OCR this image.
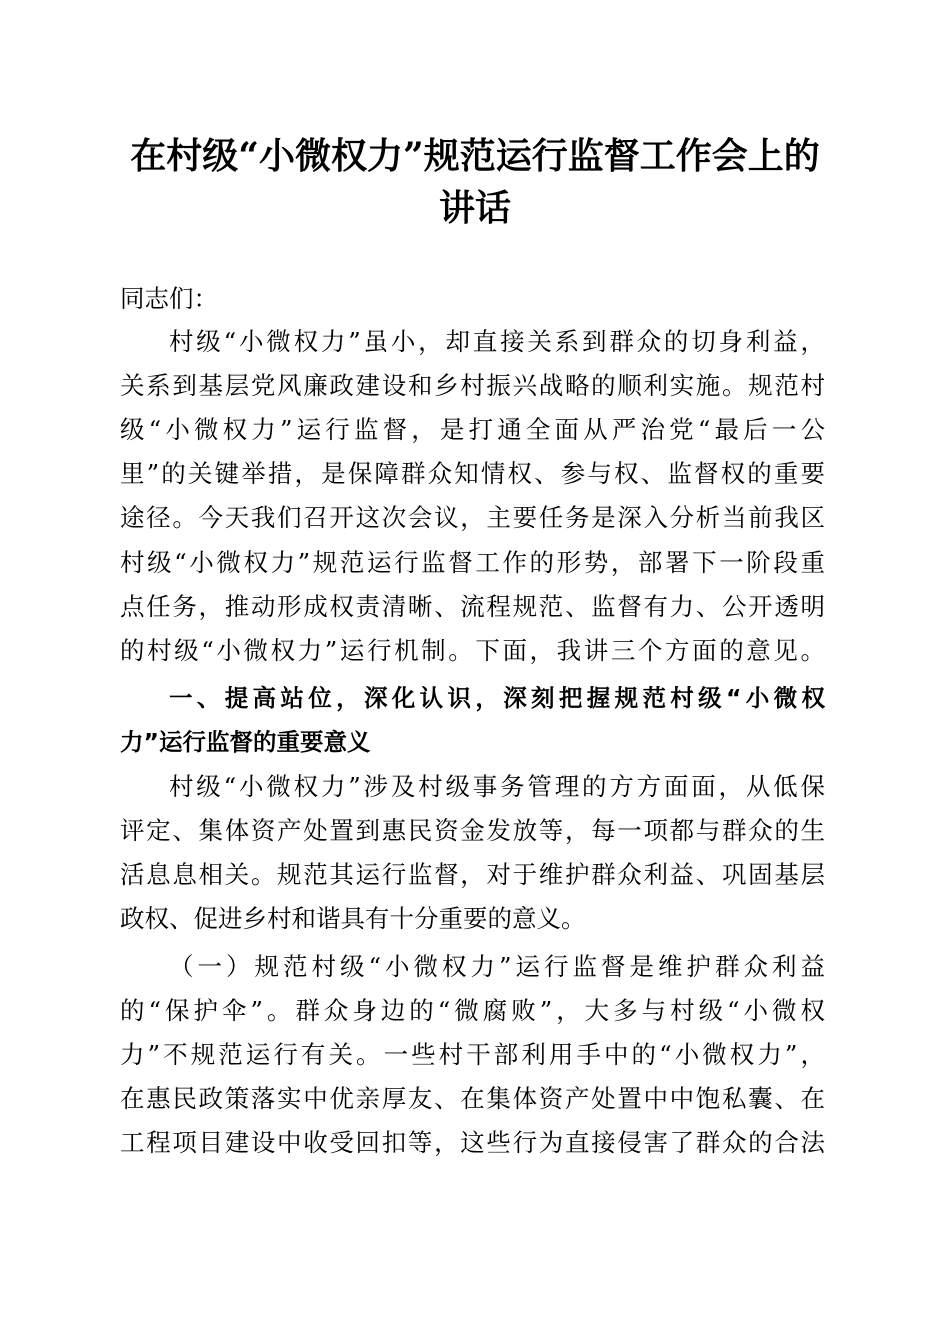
在村级“小微权力”规范运行监督工作会上的
讲话
同志们：
村级“小微权力”虽小，却直接关系到群众的切身利益，
关系到基层党风廉政建设和乡村振兴战略的顺利实施。规范村
级“小微权力”运行监督，是打通全面从严治党“最后一公
里”的关键举措，是保障群众知情权、参与权、监督权的重要
途径。今天我们召开这次会议，主要任务是深入分析当前我区
村级“小微权力”规范运行监督工作的形势，部署下一阶段重
点任务，推动形成权责清晰、流程规范、监督有力、公开透明
的村级“小微权力”运行机制。下面，我讲三个方面的意见。
一、提高站位，深化认识，深刻把握规范村级“小微权
力”运行监督的重要意义
村级“小微权力”涉及村级事务管理的方方面面，从低保
评定、集体资产处置到惠民资金发放等，每一项都与群众的生
活息息相关。规范其运行监督，对于维护群众利益、巩固基层
政权、促进乡村和谐具有十分重要的意义。
（一）规范村级“小微权力”运行监督是维护群众利益
的“保护伞”。群众身边的“微腐败”，大多与村级“小微权
力”不规范运行有关。一些村干部利用手中的“小微权力”，
在惠民政策落实中优亲厚友、在集体资产处置中中饱私囊、在
工程项目建设中收受回扣等，这些行为直接侵害了群众的合法
